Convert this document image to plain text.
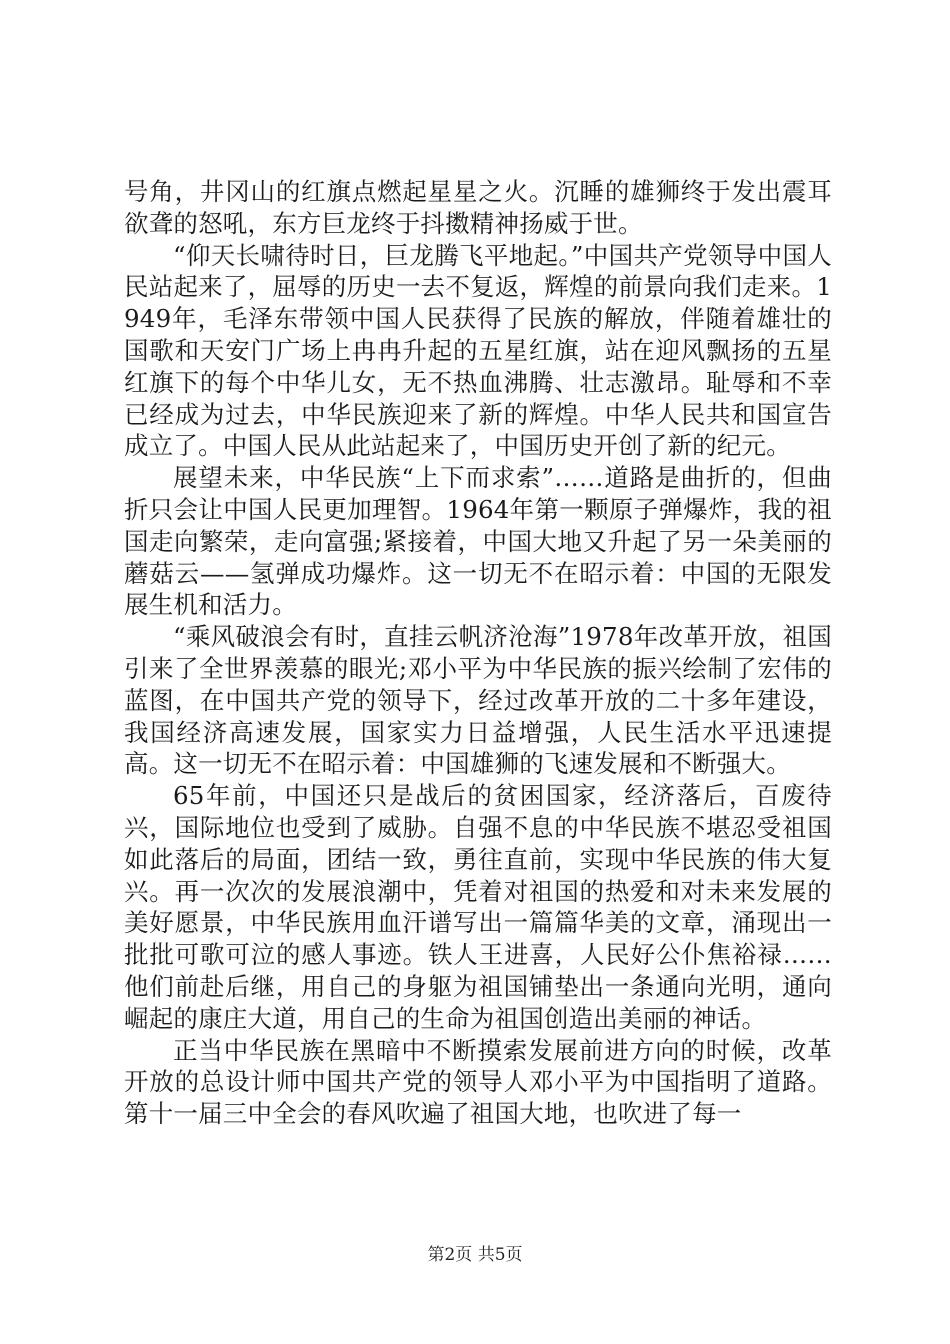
号角，井冈山的红旗点燃起星星之火。沉睡的雄狮终于发出震耳欲聋的怒吼，东方巨龙终于抖擞精神扬威于世。

“仰天长啸待时日，巨龙腾飞平地起。”中国共产党领导中国人民站起来了，屈辱的历史一去不复返，辉煌的前景向我们走来。1949年，毛泽东带领中国人民获得了民族的解放，伴随着雄壮的国歌和天安门广场上冉冉升起的五星红旗，站在迎风飘扬的五星红旗下的每个中华儿女，无不热血沸腾、壮志激昂。耻辱和不幸已经成为过去，中华民族迎来了新的辉煌。中华人民共和国宣告成立了。中国人民从此站起来了，中国历史开创了新的纪元。

展望未来，中华民族“上下而求索”……道路是曲折的，但曲折只会让中国人民更加理智。1964年第一颗原子弹爆炸，我的祖国走向繁荣，走向富强;紧接着，中国大地又升起了另一朵美丽的蘑菇云——氢弹成功爆炸。这一切无不在昭示着：中国的无限发展生机和活力。

“乘风破浪会有时，直挂云帆济沧海”1978年改革开放，祖国引来了全世界羡慕的眼光;邓小平为中华民族的振兴绘制了宏伟的蓝图，在中国共产党的领导下，经过改革开放的二十多年建设，我国经济高速发展，国家实力日益增强，人民生活水平迅速提高。这一切无不在昭示着：中国雄狮的飞速发展和不断强大。

65年前，中国还只是战后的贫困国家，经济落后，百废待兴，国际地位也受到了威胁。自强不息的中华民族不堪忍受祖国如此落后的局面，团结一致，勇往直前，实现中华民族的伟大复兴。再一次次的发展浪潮中，凭着对祖国的热爱和对未来发展的美好愿景，中华民族用血汗谱写出一篇篇华美的文章，涌现出一批批可歌可泣的感人事迹。铁人王进喜，人民好公仆焦裕禄……他们前赴后继，用自己的身躯为祖国铺垫出一条通向光明，通向崛起的康庄大道，用自己的生命为祖国创造出美丽的神话。

正当中华民族在黑暗中不断摸索发展前进方向的时候，改革开放的总设计师中国共产党的领导人邓小平为中国指明了道路。第十一届三中全会的春风吹遍了祖国大地，也吹进了每一

第2页 共5页
